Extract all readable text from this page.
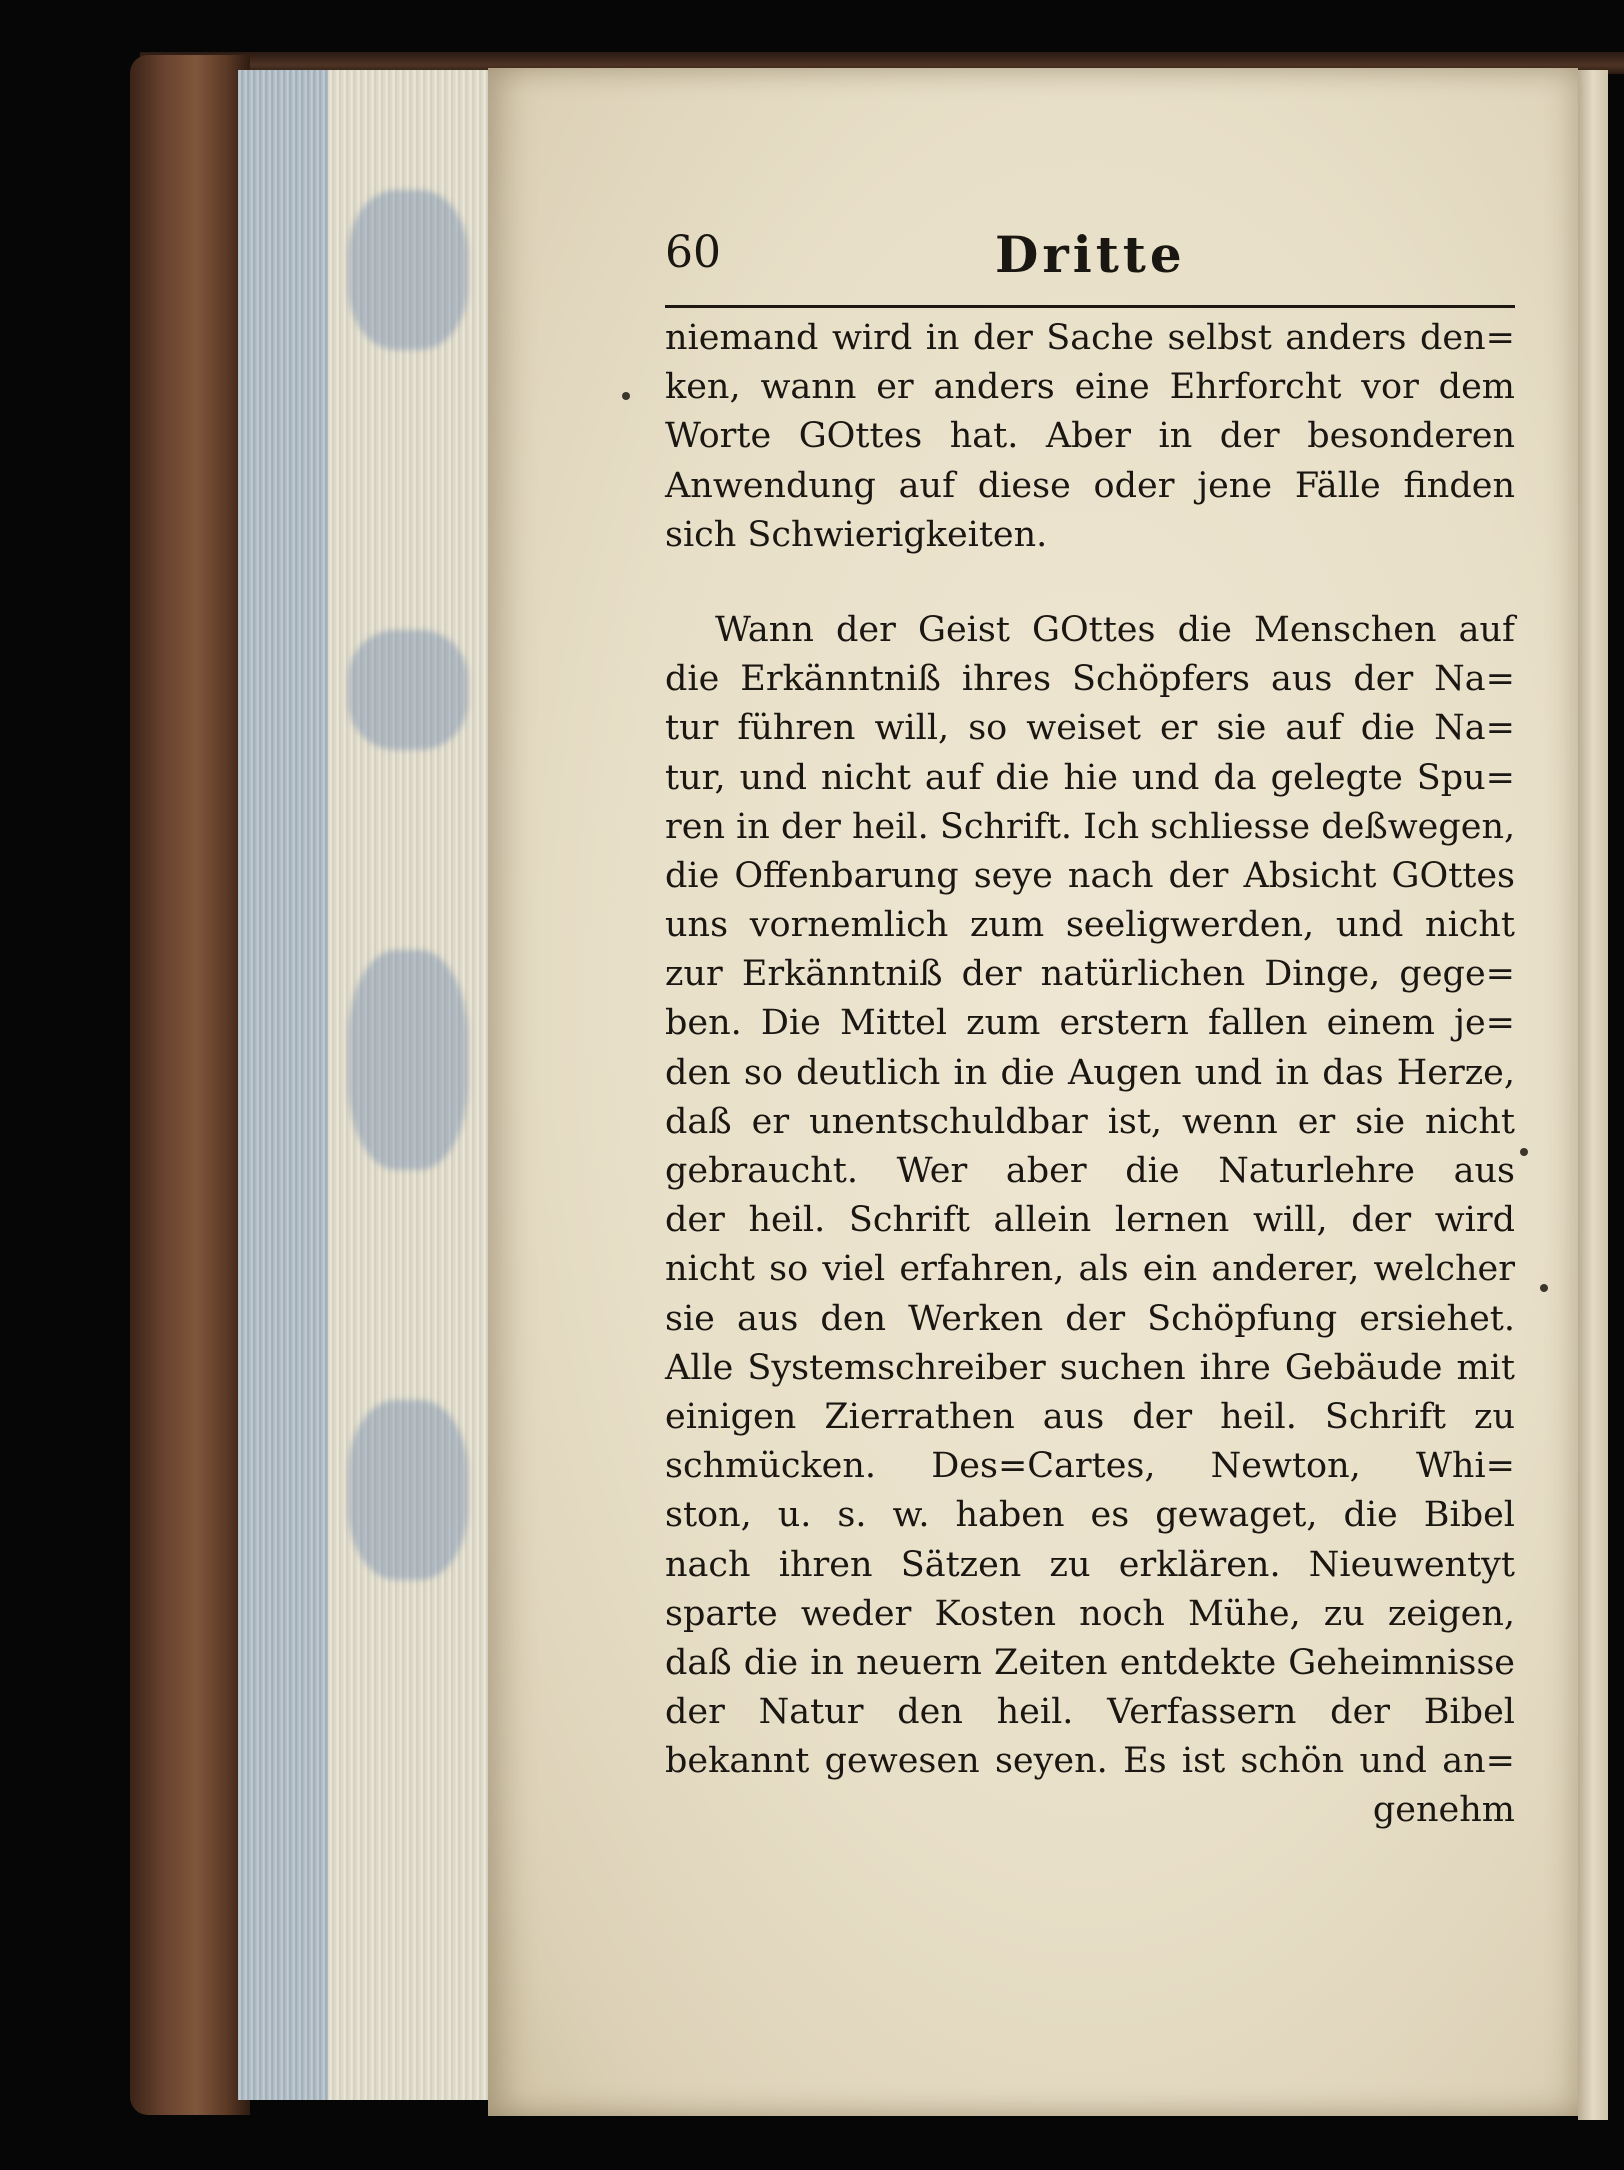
60	Dritte
niemand wird in der Sache selbst anders den=
ken, wann er anders eine Ehrforcht vor dem
Worte GOttes hat. Aber in der besonderen
Anwendung auf diese oder jene Fälle finden
sich Schwierigkeiten.
Wann der Geist GOttes die Menschen auf
die Erkänntniß ihres Schöpfers aus der Na=
tur führen will, so weiset er sie auf die Na=
tur, und nicht auf die hie und da gelegte Spu=
ren in der heil. Schrift. Ich schliesse deßwegen,
die Offenbarung seye nach der Absicht GOttes
uns vornemlich zum seeligwerden, und nicht
zur Erkänntniß der natürlichen Dinge, gege=
ben. Die Mittel zum erstern fallen einem je=
den so deutlich in die Augen und in das Herze,
daß er unentschuldbar ist, wenn er sie nicht
gebraucht. Wer aber die Naturlehre aus
der heil. Schrift allein lernen will, der wird
nicht so viel erfahren, als ein anderer, welcher
sie aus den Werken der Schöpfung ersiehet.
Alle Systemschreiber suchen ihre Gebäude mit
einigen Zierrathen aus der heil. Schrift zu
schmücken. Des=Cartes, Newton, Whi=
ston, u. s. w. haben es gewaget, die Bibel
nach ihren Sätzen zu erklären. Nieuwentyt
sparte weder Kosten noch Mühe, zu zeigen,
daß die in neuern Zeiten entdekte Geheimnisse
der Natur den heil. Verfassern der Bibel
bekannt gewesen seyen. Es ist schön und an=
genehm
